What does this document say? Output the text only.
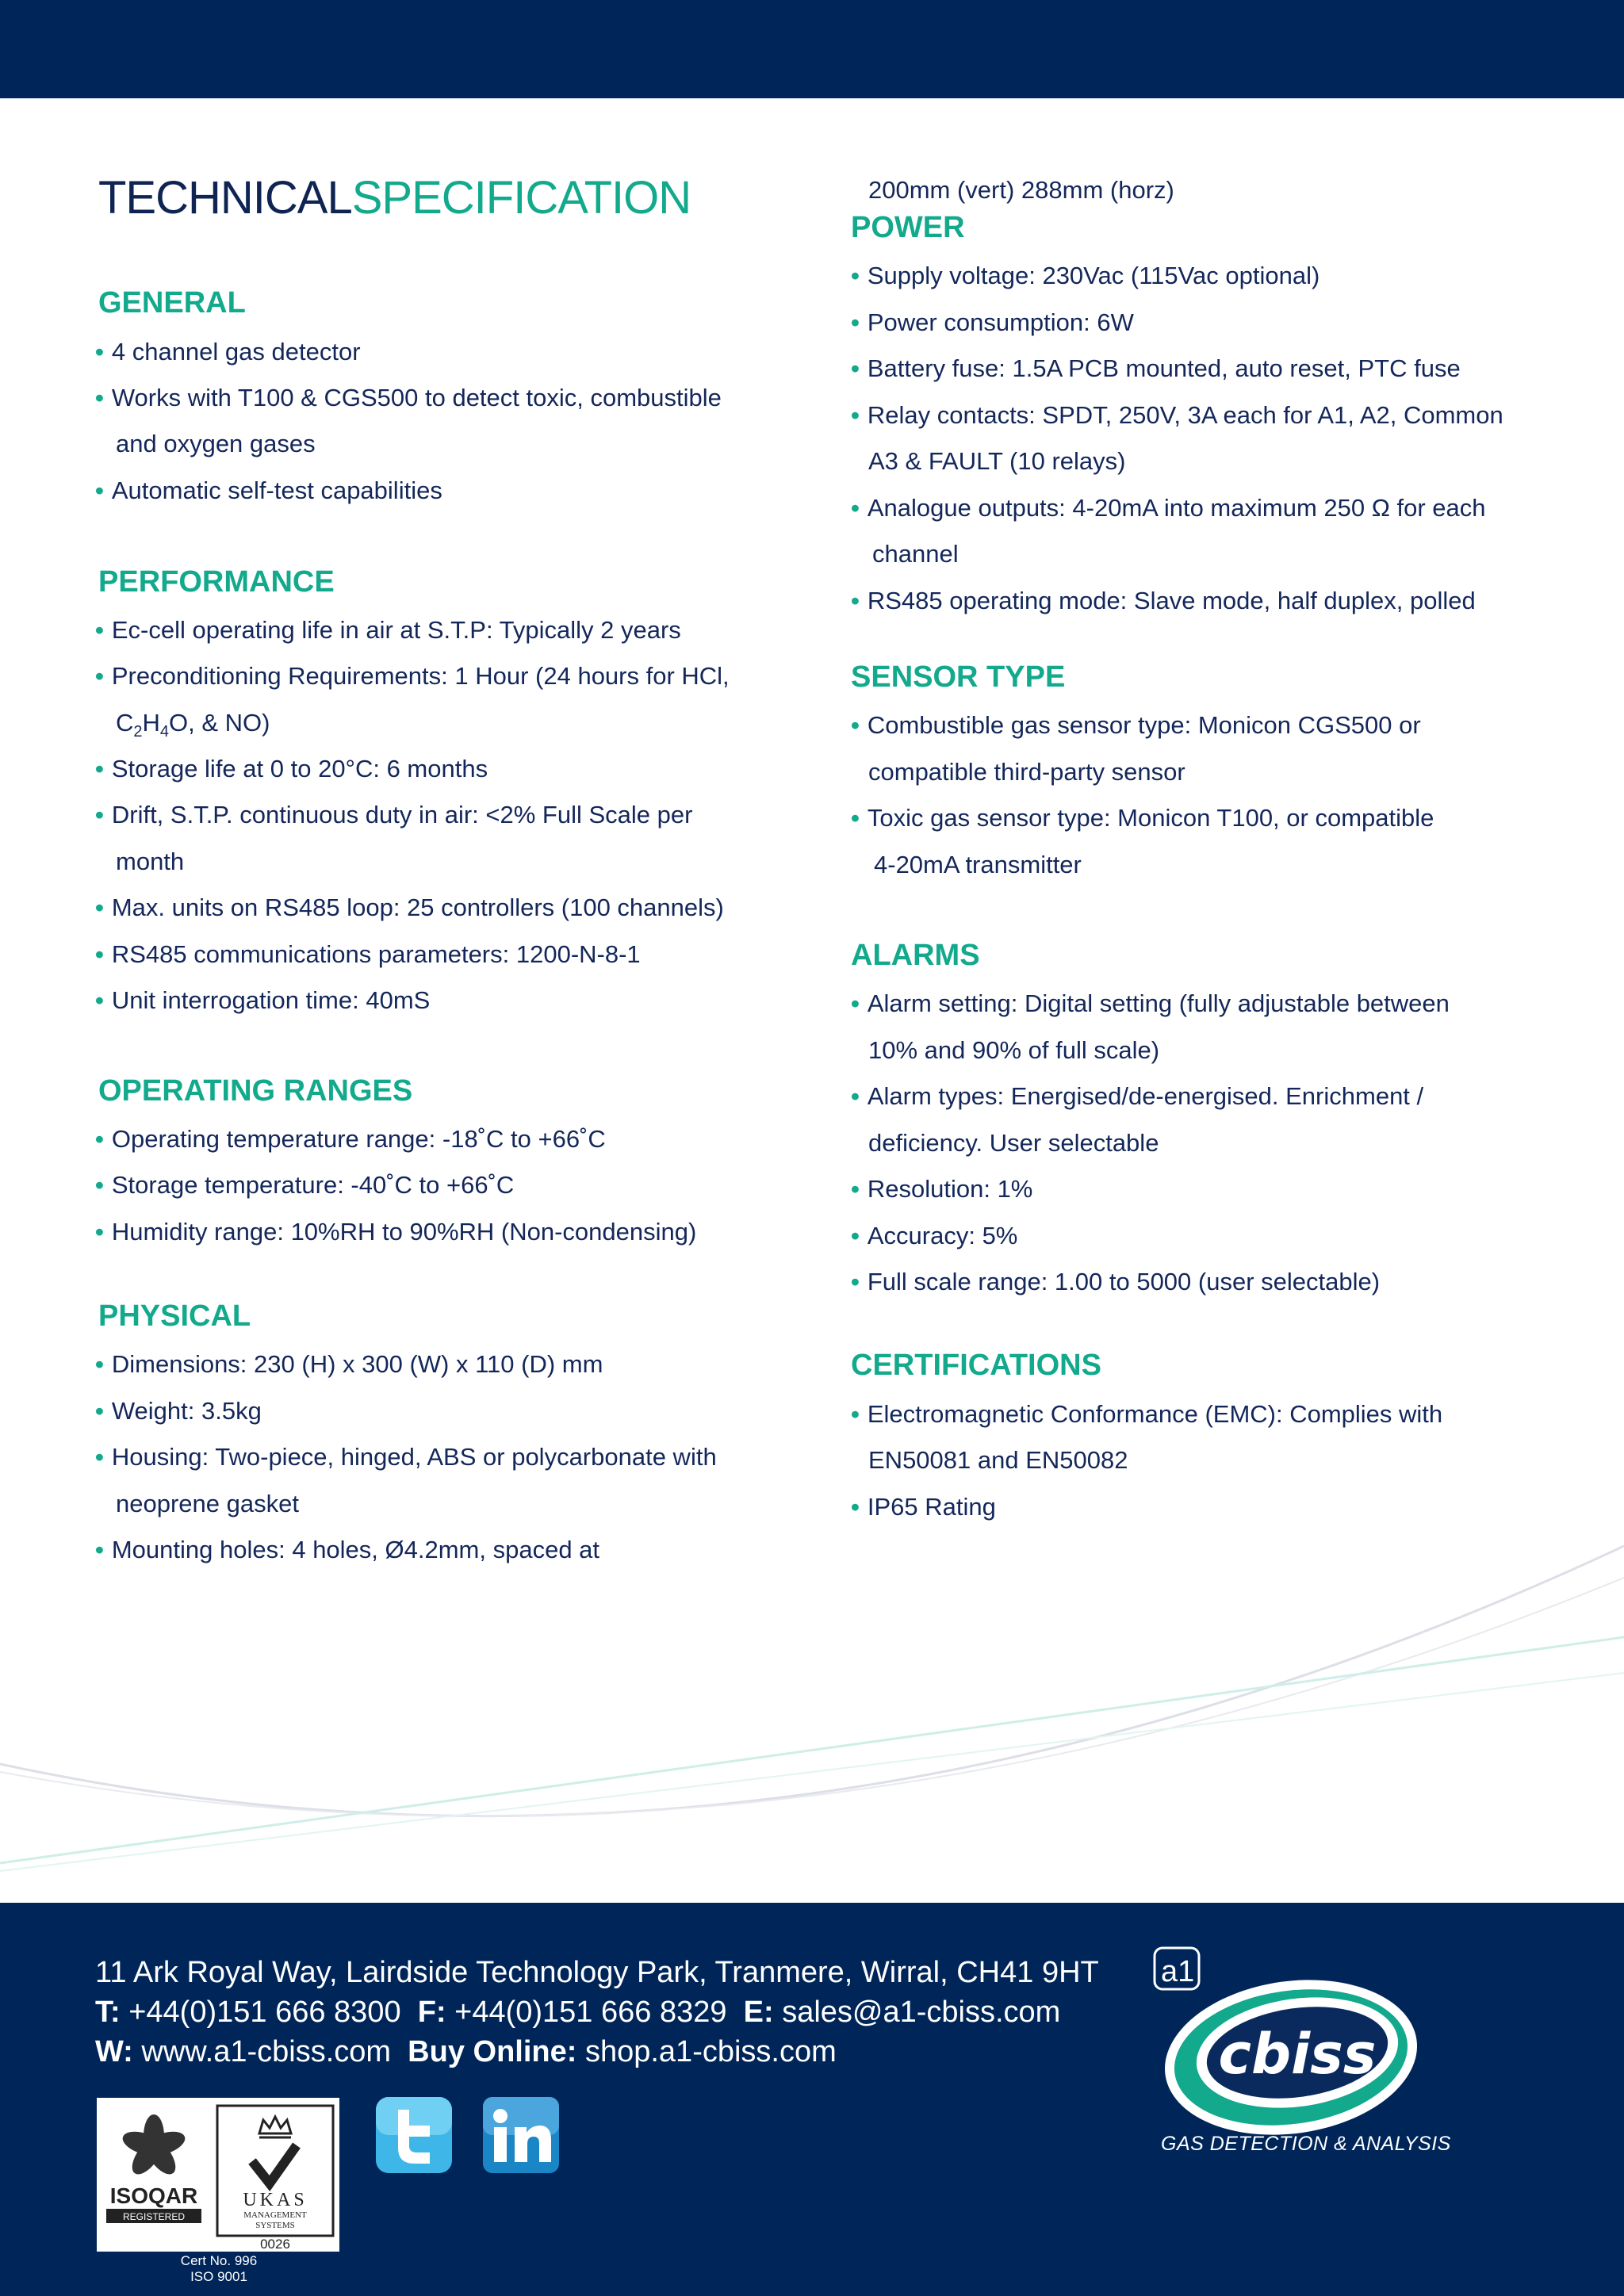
TECHNICALSPECIFICATION
GENERAL
• 4 channel gas detector
• Works with T100 & CGS500 to detect toxic, combustible
and oxygen gases
• Automatic self-test capabilities
PERFORMANCE
• Ec-cell operating life in air at S.T.P: Typically 2 years
• Preconditioning Requirements: 1 Hour (24 hours for HCl,
$C_2H_4O$, & NO)
• Storage life at 0 to 20°C: 6 months
• Drift, S.T.P. continuous duty in air: <2% Full Scale per
month
• Max. units on RS485 loop: 25 controllers (100 channels)
• RS485 communications parameters: 1200-N-8-1
• Unit interrogation time: 40mS
OPERATING RANGES
• Operating temperature range: -18˚C to +66˚C
• Storage temperature: -40˚C to +66˚C
• Humidity range: 10%RH to 90%RH (Non-condensing)
PHYSICAL
• Dimensions: 230 (H) x 300 (W) x 110 (D) mm
• Weight: 3.5kg
• Housing: Two-piece, hinged, ABS or polycarbonate with
neoprene gasket
• Mounting holes: 4 holes, Ø4.2mm, spaced at
200mm (vert) 288mm (horz)
POWER
• Supply voltage: 230Vac (115Vac optional)
• Power consumption: 6W
• Battery fuse: 1.5A PCB mounted, auto reset, PTC fuse
• Relay contacts: SPDT, 250V, 3A each for A1, A2, Common
A3 & FAULT (10 relays)
• Analogue outputs: 4-20mA into maximum 250 Ω for each
channel
• RS485 operating mode: Slave mode, half duplex, polled
SENSOR TYPE
• Combustible gas sensor type: Monicon CGS500 or
compatible third-party sensor
• Toxic gas sensor type: Monicon T100, or compatible
4-20mA transmitter
ALARMS
• Alarm setting: Digital setting (fully adjustable between
10% and 90% of full scale)
• Alarm types: Energised/de-energised. Enrichment /
deficiency. User selectable
• Resolution: 1%
• Accuracy: 5%
• Full scale range: 1.00 to 5000 (user selectable)
CERTIFICATIONS
• Electromagnetic Conformance (EMC): Complies with
EN50081 and EN50082
• IP65 Rating
11 Ark Royal Way, Lairdside Technology Park, Tranmere, Wirral, CH41 9HT
T: +44(0)151 666 8300 F: +44(0)151 666 8329 E: sales@a1-cbiss.com
W: www.a1-cbiss.com Buy Online: shop.a1-cbiss.com
ISOQAR
REGISTERED
UKAS
MANAGEMENT
SYSTEMS
0026
Cert No. 996
ISO 9001
a1
cbiss
GAS DETECTION & ANALYSIS
